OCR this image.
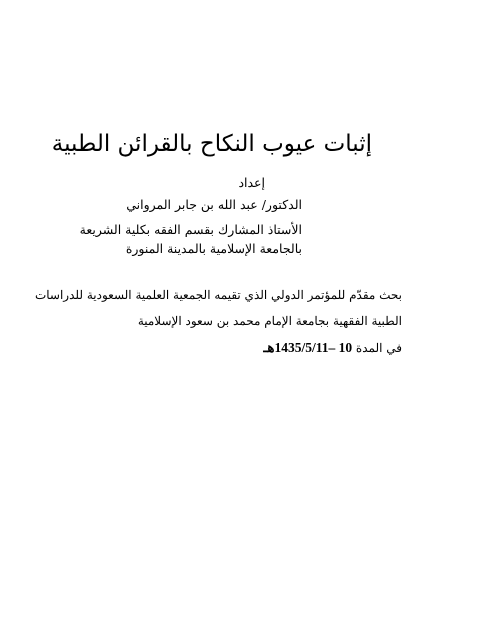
إثبات عيوب النكاح بالقرائن الطبية
إعداد
الدكتور/ عبد الله بن جابر المرواني
الأستاذ المشارك بقسم الفقه بكلية الشريعة
بالجامعة الإسلامية بالمدينة المنورة
بحث مقدّم للمؤتمر الدولي الذي تقيمه الجمعية العلمية السعودية للدراسات
الطبية الفقهية بجامعة الإمام محمد بن سعود الإسلامية
في المدة 10 –1435/5/11هـ
